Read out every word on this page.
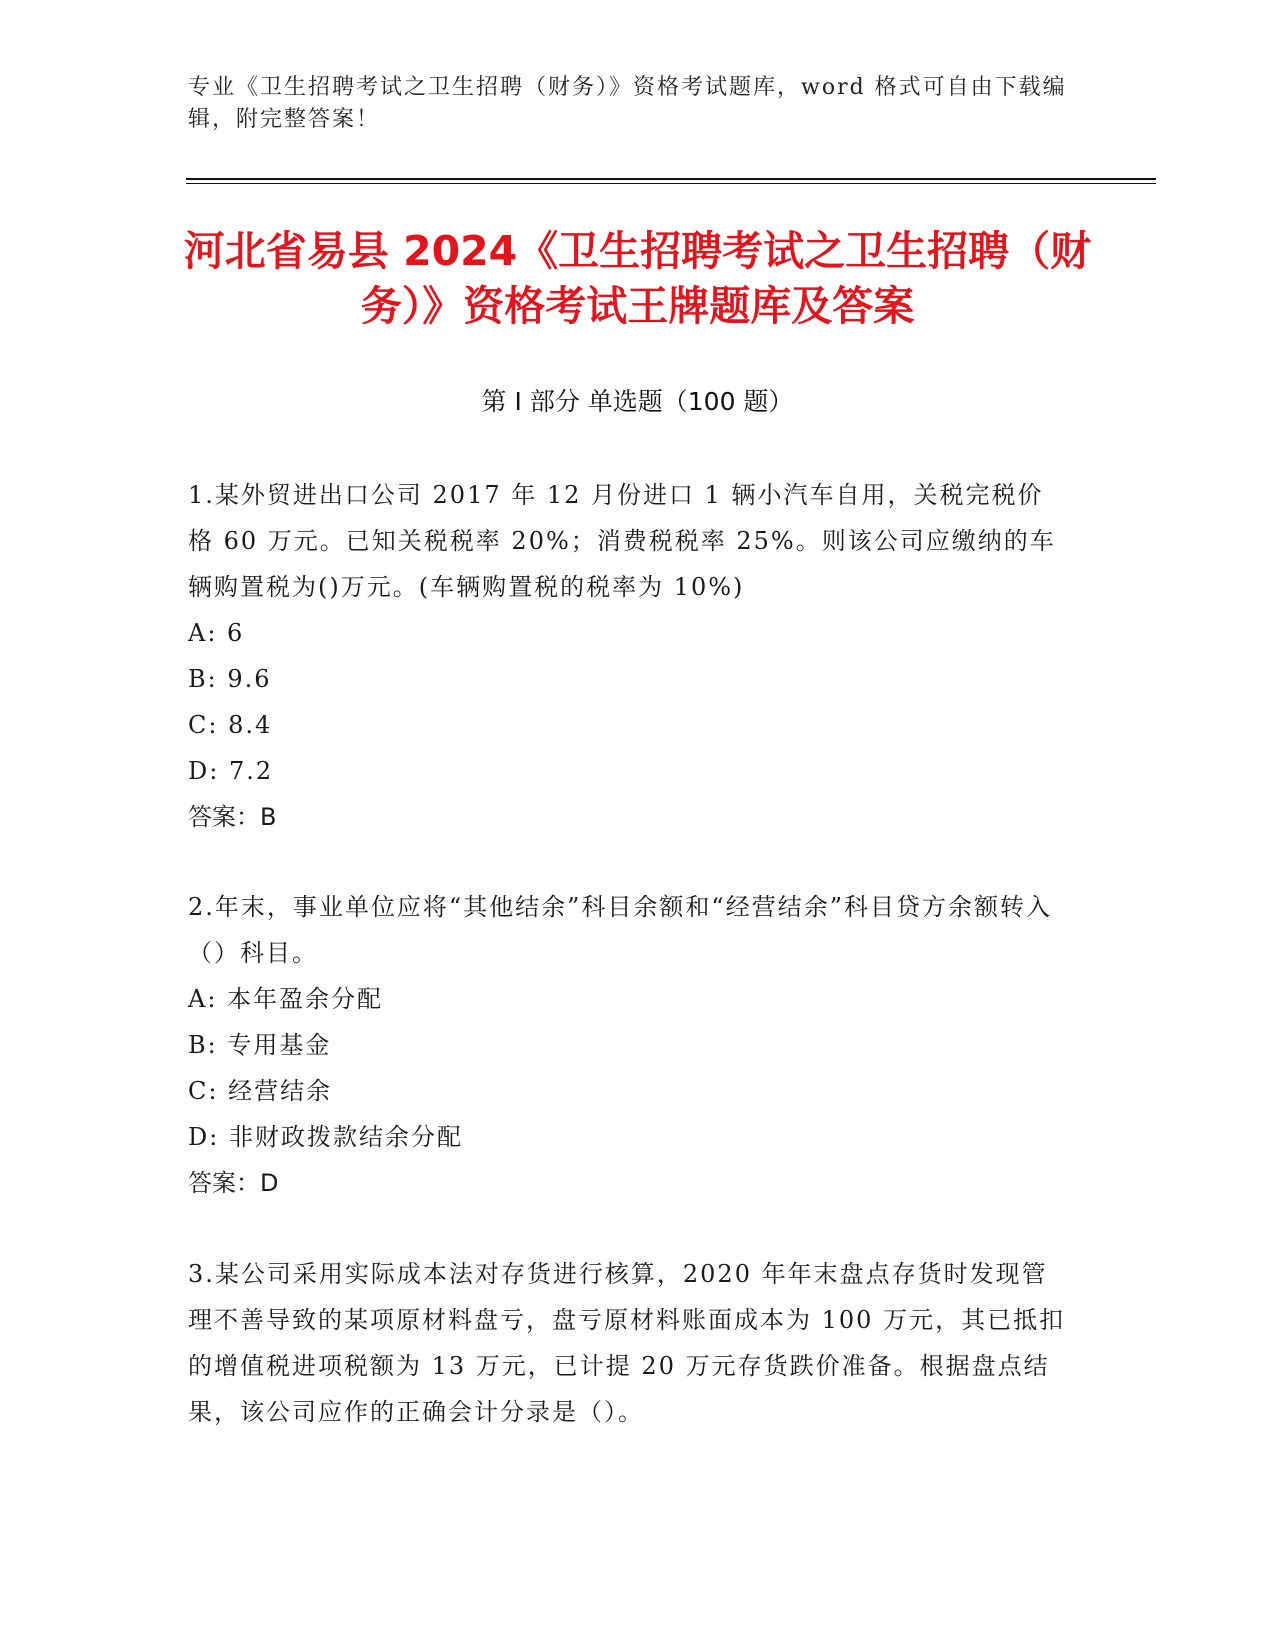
专业《卫生招聘考试之卫生招聘（财务）》资格考试题库，word 格式可自由下载编辑，附完整答案！
河北省易县 2024《卫生招聘考试之卫生招聘（财务）》资格考试王牌题库及答案
第 I 部分 单选题（100 题）

1.某外贸进出口公司 2017 年 12 月份进口 1 辆小汽车自用，关税完税价格 60 万元。已知关税税率 20%；消费税税率 25%。则该公司应缴纳的车辆购置税为()万元。(车辆购置税的税率为 10%)

A: 6

B: 9.6

C: 8.4

D: 7.2

答案：B

2.年末，事业单位应将“其他结余”科目余额和“经营结余”科目贷方余额转入（）科目。

A: 本年盈余分配

B: 专用基金

C: 经营结余

D: 非财政拨款结余分配

答案：D

3.某公司采用实际成本法对存货进行核算，2020 年年末盘点存货时发现管理不善导致的某项原材料盘亏，盘亏原材料账面成本为 100 万元，其已抵扣的增值税进项税额为 13 万元，已计提 20 万元存货跌价准备。根据盘点结果，该公司应作的正确会计分录是（）。
